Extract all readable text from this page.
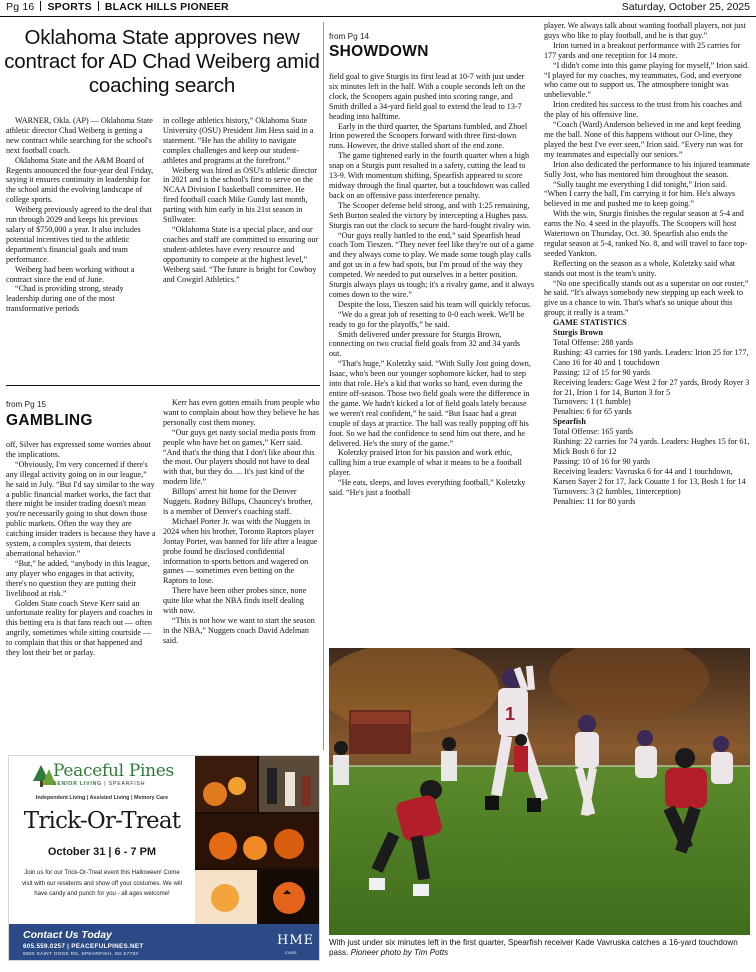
Pg 16 SPORTS BLACK HILLS PIONEER	Saturday, October 25, 2025
Oklahoma State approves new contract for AD Chad Weiberg amid coaching search

WARNER, Okla. (AP) — Oklahoma State athletic director Chad Weiberg is getting a new contract while searching for the school's next football coach.

Oklahoma State and the A&M Board of Regents announced the four-year deal Friday, saying it ensures continuity in leadership for the school amid the evolving landscape of college sports.

Weiberg previously agreed to the deal that run through 2029 and keeps his previous salary of $750,000 a year. It also includes potential incentives tied to the athletic department's financial goals and team performance.

Weiberg had been working without a contract since the end of June.

“Chad is providing strong, steady leadership during one of the most transformative periods

in college athletics history,” Oklahoma State University (OSU) President Jim Hess said in a statement. “He has the ability to navigate complex challenges and keep our student-athletes and programs at the forefront.”

Weiberg was hired as OSU's athletic director in 2021 and is the school's first to serve on the NCAA Division I basketball committee. He fired football coach Mike Gundy last month, parting with him early in his 21st season in Stillwater.

“Oklahoma State is a special place, and our coaches and staff are committed to ensuring our student-athletes have every resource and opportunity to compete at the highest level,” Weiberg said. “The future is bright for Cowboy and Cowgirl Athletics.”

from Pg 15
GAMBLING

off, Silver has expressed some worries about the implications.

“Obviously, I'm very concerned if there's any illegal activity going on in our league,” he said in July. “But I'd say similar to the way a public financial market works, the fact that there might be insider trading doesn't mean you're necessarily going to shut down those public markets. Often the way they are catching insider traders is because they have a system, a complex system, that detects aberrational behavior.”

“But,” he added, “anybody in this league, any player who engages in that activity, there's no question they are putting their livelihood at risk.”

Golden State coach Steve Kerr said an unfortunate reality for players and coaches in this betting era is that fans reach out — often angrily, sometimes while sitting courtside — to complain that this or that happened and they lost their bet or parlay.

Kerr has even gotten emails from people who want to complain about how they believe he has personally cost them money.

“Our guys get nasty social media posts from people who have bet on games,” Kerr said. “And that's the thing that I don't like about this the most. Our players should not have to deal with that, but they do. ... It's just kind of the modern life.”

Billups' arrest hit home for the Denver Nuggets. Rodney Billups, Chauncey's brother, is a member of Denver's coaching staff.

Michael Porter Jr. was with the Nuggets in 2024 when his brother, Toronto Raptors player Jontay Porter, was banned for life after a league probe found he disclosed confidential information to sports bettors and wagered on games — sometimes even betting on the Raptors to lose.

There have been other probes since, none quite like what the NBA finds itself dealing with now.

“This is not how we want to start the season in the NBA,” Nuggets coach David Adelman said.

from Pg 14
SHOWDOWN

field goal to give Sturgis its first lead at 10-7 with just under six minutes left in the half. With a couple seconds left on the clock, the Scoopers again pushed into scoring range, and Smith drilled a 34-yard field goal to extend the lead to 13-7 heading into halftime.

Early in the third quarter, the Spartans fumbled, and Zhoel Irion powered the Scoopers forward with three first-down runs. However, the drive stalled short of the end zone.

The game tightened early in the fourth quarter when a high snap on a Sturgis punt resulted in a safety, cutting the lead to 13-9. With momentum shifting, Spearfish appeared to score midway through the final quarter, but a touchdown was called back on an offensive pass interference penalty.

The Scooper defense held strong, and with 1:25 remaining, Seth Burton sealed the victory by intercepting a Hughes pass. Sturgis ran out the clock to secure the hard-fought rivalry win.

“Our guys really battled to the end,” said Spearfish head coach Tom Tieszen. “They never feel like they're out of a game and they always come to play. We made some tough play calls and got us in a few bad spots, but I'm proud of the way they competed. We needed to put ourselves in a better position. Sturgis always plays us tough; it's a rivalry game, and it always comes down to the wire.”

Despite the loss, Tieszen said his team will quickly refocus.

“We do a great job of resetting to 0-0 each week. We'll be ready to go for the playoffs,” he said.

Smith delivered under pressure for Sturgis Brown, connecting on two crucial field goals from 32 and 34 yards out.

“That's huge,” Koletzky said. “With Sully Jost going down, Isaac, who's been our younger sophomore kicker, had to step into that role. He's a kid that works so hard, even during the entire off-season. Those two field goals were the difference in the game. We hadn't kicked a lot of field goals lately because we weren't real confident,” he said. “But Isaac had a great couple of days at practice. The ball was really popping off his foot. So we had the confidence to send him out there, and he delivered. He's the story of the game.”

Koletzky praised Irion for his passion and work ethic, calling him a true example of what it means to be a football player.

“He eats, sleeps, and loves everything football,” Koletzky said. “He's just a football

player. We always talk about wanting football players, not just guys who like to play football, and he is that guy.”

Irion turned in a breakout performance with 25 carries for 177 yards and one reception for 14 more.

“I didn't come into this game playing for myself,” Irion said. “I played for my coaches, my teammates, God, and everyone who came out to support us. The atmosphere tonight was unbelievable.”

Irion credited his success to the trust from his coaches and the play of his offensive line.

“Coach (Ward) Anderson believed in me and kept feeding me the ball. None of this happens without our O-line, they played the best I've ever seen,” Irion said. “Every run was for my teammates and especially our seniors.”

Irion also dedicated the performance to his injured teammate Sully Jost, who has mentored him throughout the season.

“Sully taught me everything I did tonight,” Irion said. “When I carry the ball, I'm carrying it for him. He's always believed in me and pushed me to keep going.”

With the win, Sturgis finishes the regular season at 5-4 and earns the No. 4 seed in the playoffs. The Scoopers will host Watertown on Thursday, Oct. 30. Spearfish also ends the regular season at 5-4, ranked No. 8, and will travel to face top-seeded Yankton.

Reflecting on the season as a whole, Koletzky said what stands out most is the team's unity.

“No one specifically stands out as a superstar on our roster,” he said. “It's always somebody new stepping up each week to give us a chance to win. That's what's so unique about this group; it really is a team.”

GAME STATISTICS

Sturgis Brown

Total Offense: 288 yards

Rushing: 43 carries for 198 yards. Leaders: Irion 25 for 177, Cano 16 for 40 and 1 touchdown

Passing: 12 of 15 for 90 yards

Receiving leaders: Gage West 2 for 27 yards, Brody Royer 3 for 21, Irion 1 for 14, Burton 3 for 5

Turnovers: 1 (1 fumble)

Penalties: 6 for 65 yards

Spearfish

Total Offense: 165 yards

Rushing: 22 carries for 74 yards. Leaders: Hughes 15 for 61, Mick Bosh 6 for 12

Passing: 10 of 16 for 90 yards

Receiving leaders: Vavruska 6 for 44 and 1 touchdown, Karsen Sayer 2 for 17, Jack Couatte 1 for 13, Bosh 1 for 14

Turnovers: 3 (2 fumbles, 1interception)

Penalties: 11 for 80 yards

1
With just under six minutes left in the first quarter, Spearfish receiver Kade Vavruska catches a 16-yard touchdown pass. Pioneer photo by Tim Potts
Peaceful Pines
SENIOR LIVING | SPEARFISH
Independent Living | Assisted Living | Memory Care
Trick-Or-Treat
October 31 | 6 - 7 PM
Join us for our Trick-Or-Treat event this Halloween! Come visit with our residents and show off your costumes. We will have candy and punch for you - all ages welcome!
Contact Us Today
605.559.0257 | PEACEFULPINES.NET
6800 SAINT ONGE RD, SPEARFISH, SD 57783
HME
CARE
